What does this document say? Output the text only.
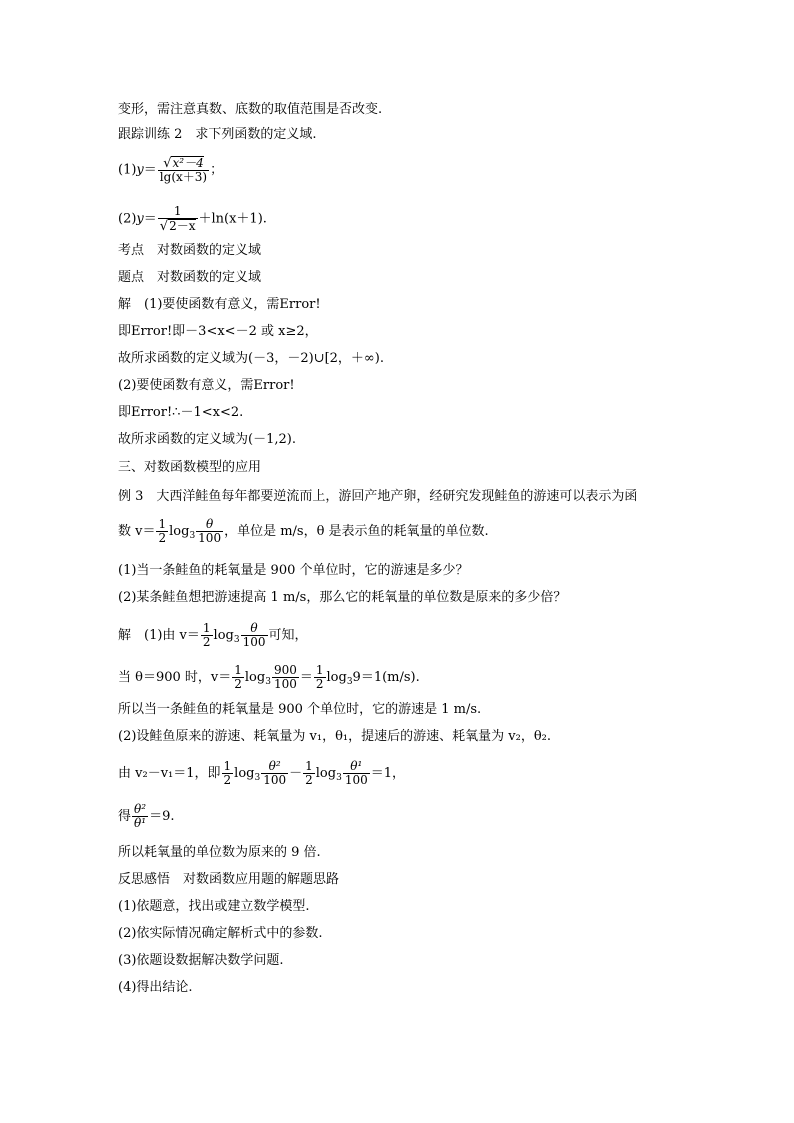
变形，需注意真数、底数的取值范围是否改变.
跟踪训练 2　求下列函数的定义域.
$(1)y= \frac{\text{√x²－4}}{\lg(x+3)}$ ；
$(2)y= \frac{1}{√2-x} +\ln(x+1)$.
考点　对数函数的定义域
题点　对数函数的定义域
解　(1)要使函数有意义，需Error!
即Error!即－3<x<－2 或 x≥2，
故所求函数的定义域为(－3，－2)∪[2，＋∞).
(2)要使函数有意义，需Error!
即Error!∴－1<x<2.
故所求函数的定义域为(－1,2).
三、对数函数模型的应用
例 3　大西洋鲑鱼每年都要逆流而上，游回产地产卵，经研究发现鲑鱼的游速可以表示为函
数 $v= \frac{1}{2} \log_3 \frac{\theta}{100}$ ，单位是 m/s，θ 是表示鱼的耗氧量的单位数.
(1)当一条鲑鱼的耗氧量是 900 个单位时，它的游速是多少？
(2)某条鲑鱼想把游速提高 1 m/s，那么它的耗氧量的单位数是原来的多少倍？
解　(1)由 $v= \frac{1}{2} \log_3 \frac{\theta}{100}$ 可知，
当 θ＝900 时，$v= \frac{1}{2} \log_3 \frac{900}{100} = \frac{1}{2} \log_39=1(m/s)$.
所以当一条鲑鱼的耗氧量是 900 个单位时，它的游速是 1 m/s.
(2)设鲑鱼原来的游速、耗氧量为 v₁，θ₁，提速后的游速、耗氧量为 v₂，θ₂.
由 v₂－v₁＝1，即 $\frac{1}{2} \log_3 \frac{\text{θ²}}{100} - \frac{1}{2} \log_3 \frac{\text{θ¹}}{100} =1$，
得 $\frac{\text{θ²}}{\text{θ¹}} =9$.
所以耗氧量的单位数为原来的 9 倍.
反思感悟　对数函数应用题的解题思路
(1)依题意，找出或建立数学模型.
(2)依实际情况确定解析式中的参数.
(3)依题设数据解决数学问题.
(4)得出结论.
